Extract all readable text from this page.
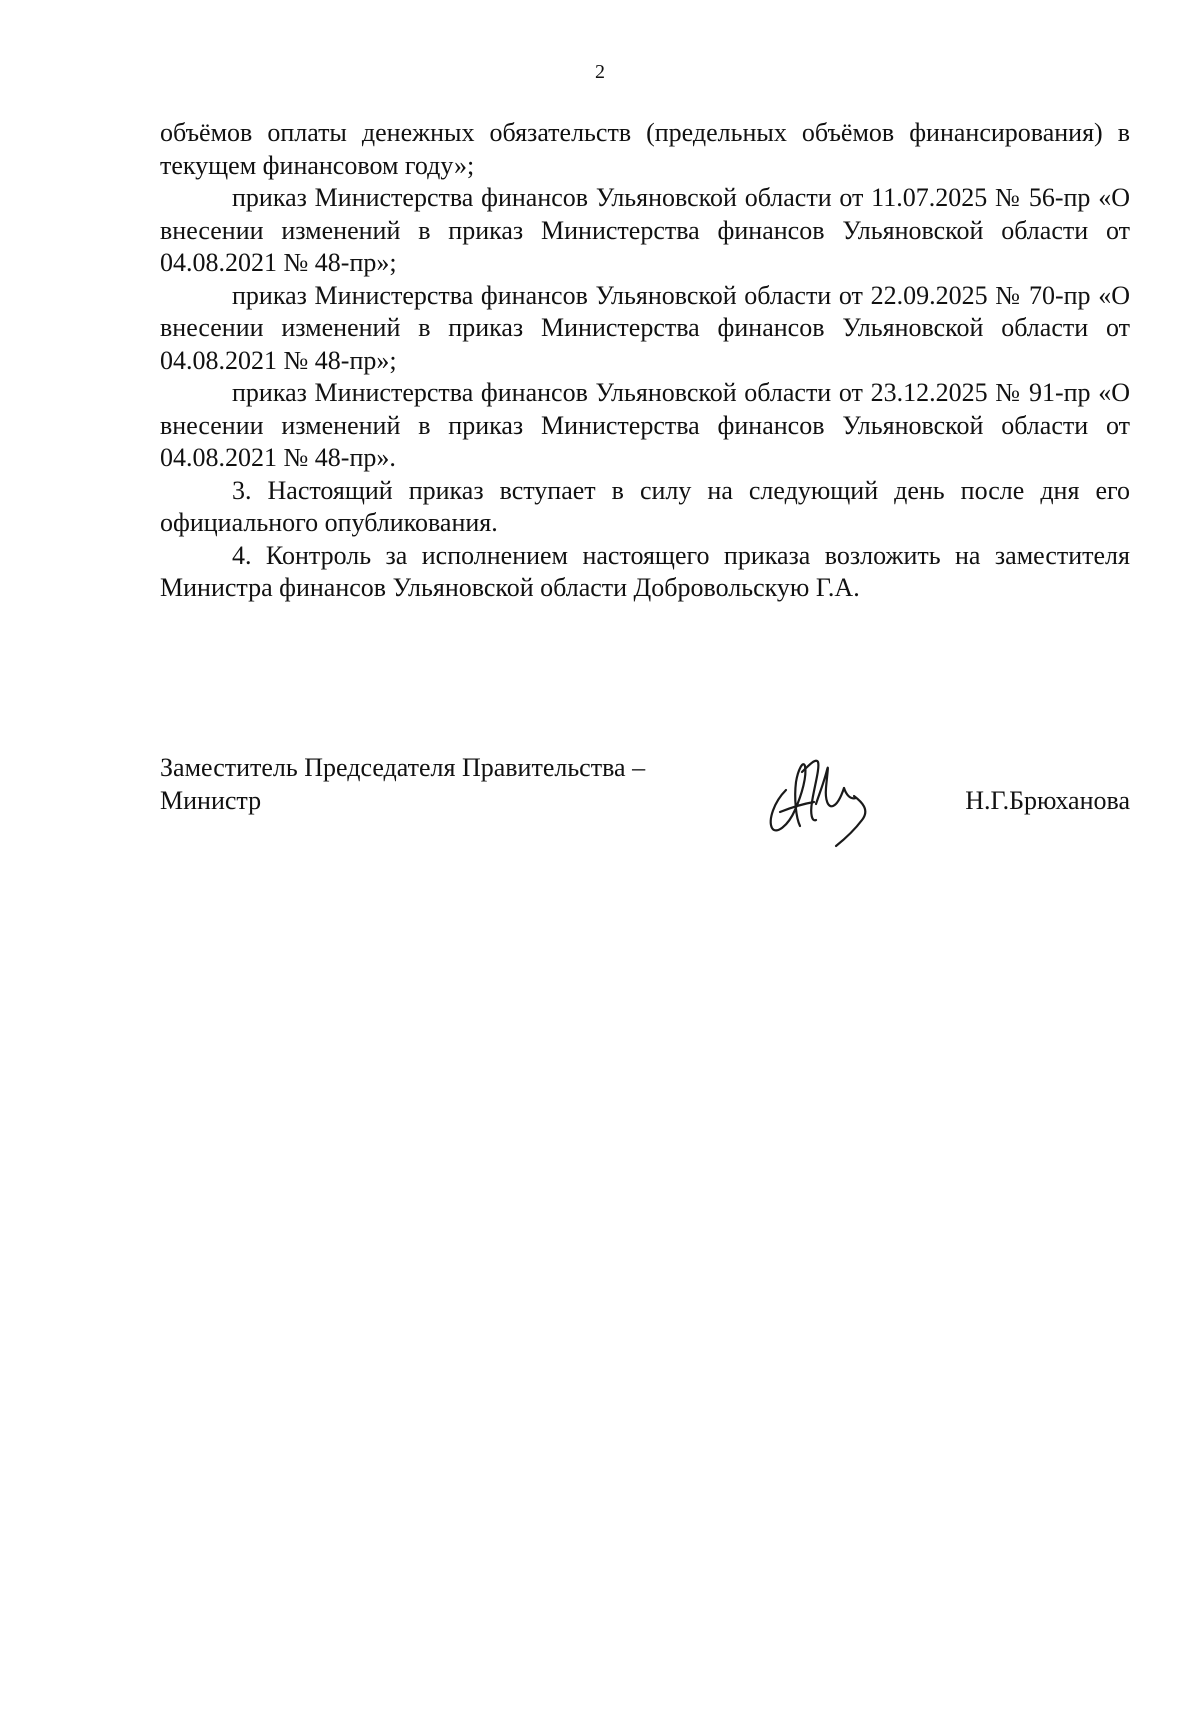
2

объёмов оплаты денежных обязательств (предельных объёмов финансирования) в текущем финансовом году»;

приказ Министерства финансов Ульяновской области от 11.07.2025 № 56-пр «О внесении изменений в приказ Министерства финансов Ульяновской области от 04.08.2021 № 48-пр»;

приказ Министерства финансов Ульяновской области от 22.09.2025 № 70-пр «О внесении изменений в приказ Министерства финансов Ульяновской области от 04.08.2021 № 48-пр»;

приказ Министерства финансов Ульяновской области от 23.12.2025 № 91-пр «О внесении изменений в приказ Министерства финансов Ульяновской области от 04.08.2021 № 48-пр».

3. Настоящий приказ вступает в силу на следующий день после дня его официального опубликования.

4. Контроль за исполнением настоящего приказа возложить на заместителя Министра финансов Ульяновской области Добровольскую Г.А.

Заместитель Председателя Правительства –
Министр	Н.Г.Брюханова
